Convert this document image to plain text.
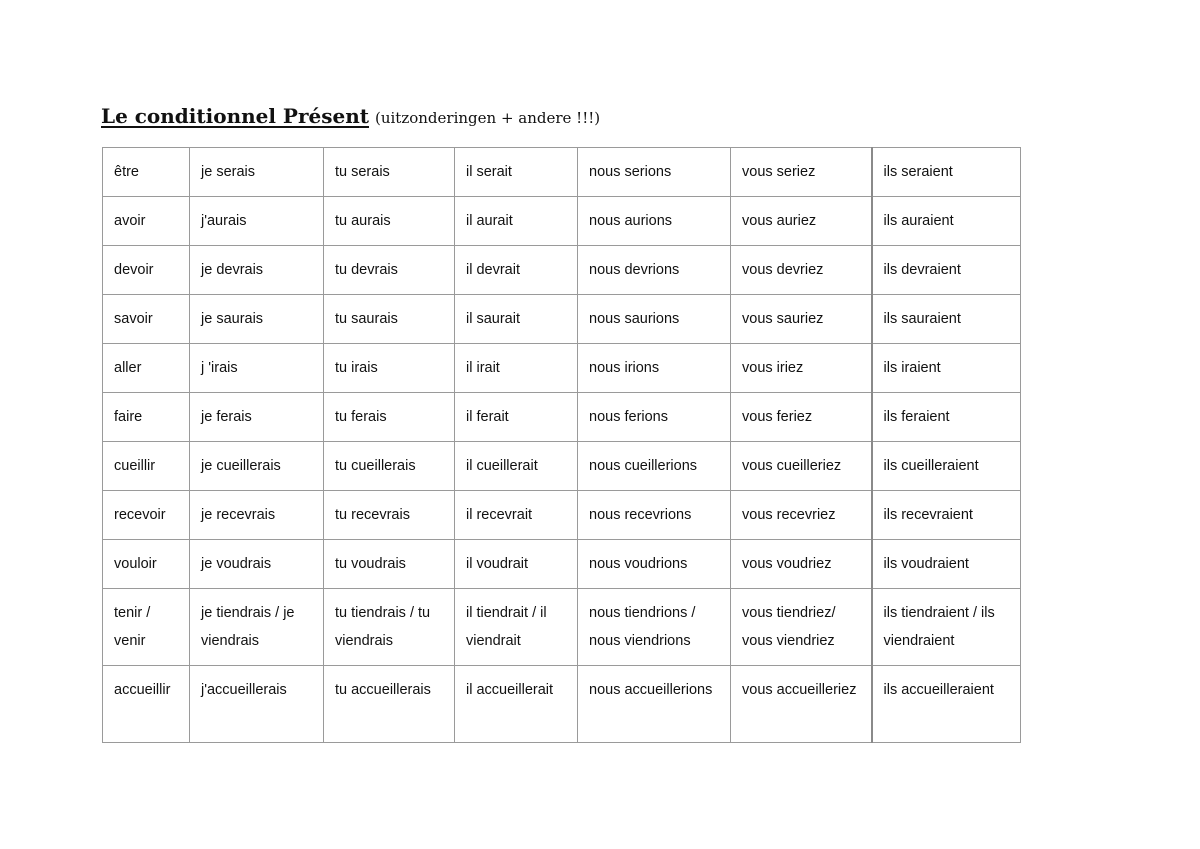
Le conditionnel Présent (uitzonderingen + andere !!!)
être	je serais	tu serais	il serait	nous serions	vous seriez	ils seraient
avoir	j'aurais	tu aurais	il aurait	nous aurions	vous auriez	ils auraient
devoir	je devrais	tu devrais	il devrait	nous devrions	vous devriez	ils devraient
savoir	je saurais	tu saurais	il saurait	nous saurions	vous sauriez	ils sauraient
aller	j 'irais	tu irais	il irait	nous irions	vous iriez	ils iraient
faire	je ferais	tu ferais	il ferait	nous ferions	vous feriez	ils feraient
cueillir	je cueillerais	tu cueillerais	il cueillerait	nous cueillerions	vous cueilleriez	ils cueilleraient
recevoir	je recevrais	tu recevrais	il recevrait	nous recevrions	vous recevriez	ils recevraient
vouloir	je voudrais	tu voudrais	il voudrait	nous voudrions	vous voudriez	ils voudraient
tenir / venir	je tiendrais / je viendrais	tu tiendrais / tu viendrais	il tiendrait / il viendrait	nous tiendrions / nous viendrions	vous tiendriez/ vous viendriez	ils tiendraient / ils viendraient
accueillir	j'accueillerais	tu accueillerais	il accueillerait	nous accueillerions	vous accueilleriez	ils accueilleraient
